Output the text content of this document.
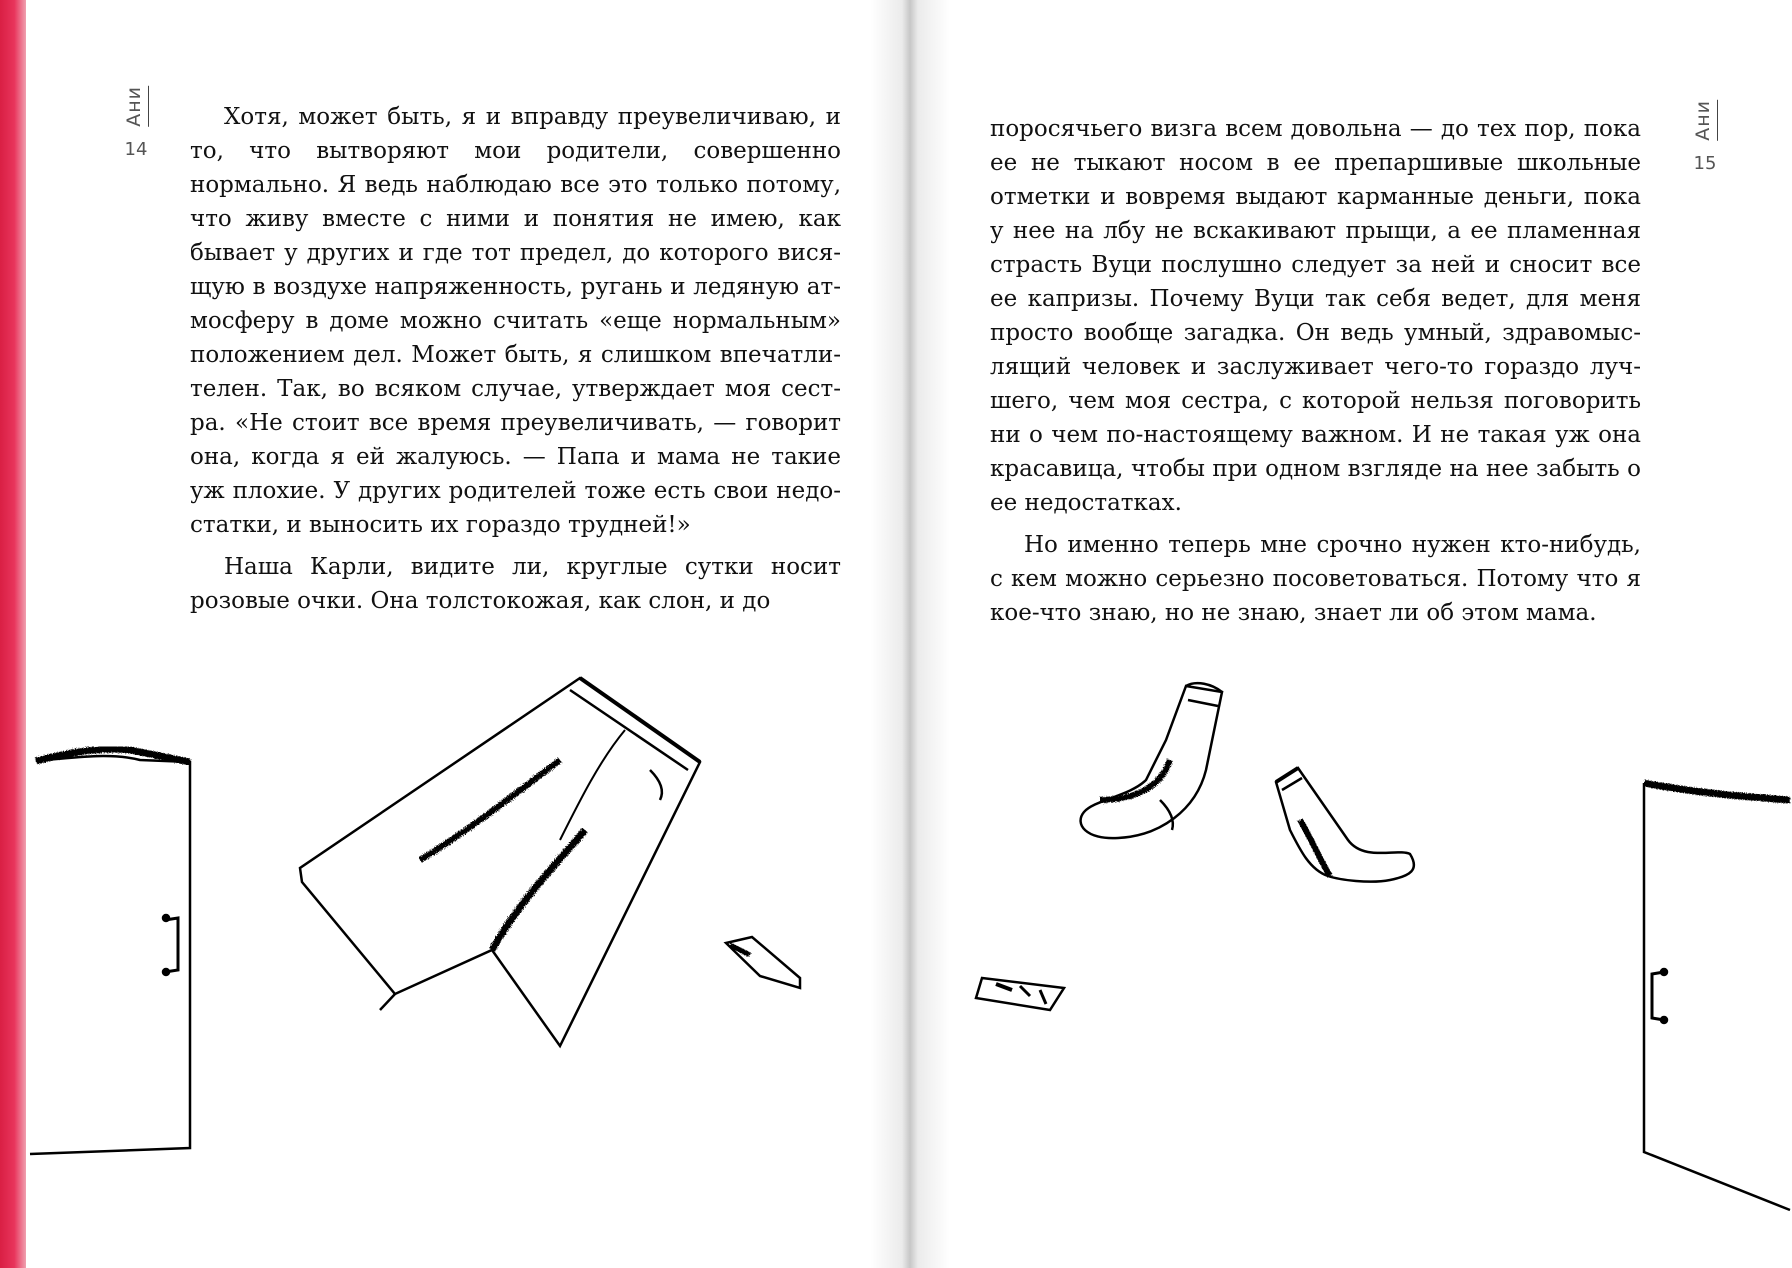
Ани
14
Ани
15

Хотя, может быть, я и вправду преувеличиваю, и то, что вытворяют мои родители, совершенно нормально. Я ведь наблюдаю все это только потому, что живу вместе с ними и понятия не имею, как бывает у других и где тот предел, до которого висящую в воздухе напряженность, ругань и ледяную атмосферу в доме можно считать «еще нормальным» положением дел. Может быть, я слишком впечатлителен. Так, во всяком случае, утверждает моя сестра. «Не стоит все время преувеличивать, — говорит она, когда я ей жалуюсь. — Папа и мама не такие уж плохие. У других родителей тоже есть свои недостатки, и выносить их гораздо трудней!»

Наша Карли, видите ли, круглые сутки носит розовые очки. Она толстокожая, как слон, и до

поросячьего визга всем довольна — до тех пор, пока ее не тыкают носом в ее препаршивые школьные отметки и вовремя выдают карманные деньги, пока у нее на лбу не вскакивают прыщи, а ее пламенная страсть Вуци послушно следует за ней и сносит все ее капризы. Почему Вуци так себя ведет, для меня просто вообще загадка. Он ведь умный, здравомыслящий человек и заслуживает чего-то гораздо лучшего, чем моя сестра, с которой нельзя поговорить ни о чем по-настоящему важном. И не такая уж она красавица, чтобы при одном взгляде на нее забыть о ее недостатках.

Но именно теперь мне срочно нужен кто-нибудь, с кем можно серьезно посоветоваться. Потому что я кое-что знаю, но не знаю, знает ли об этом мама.
